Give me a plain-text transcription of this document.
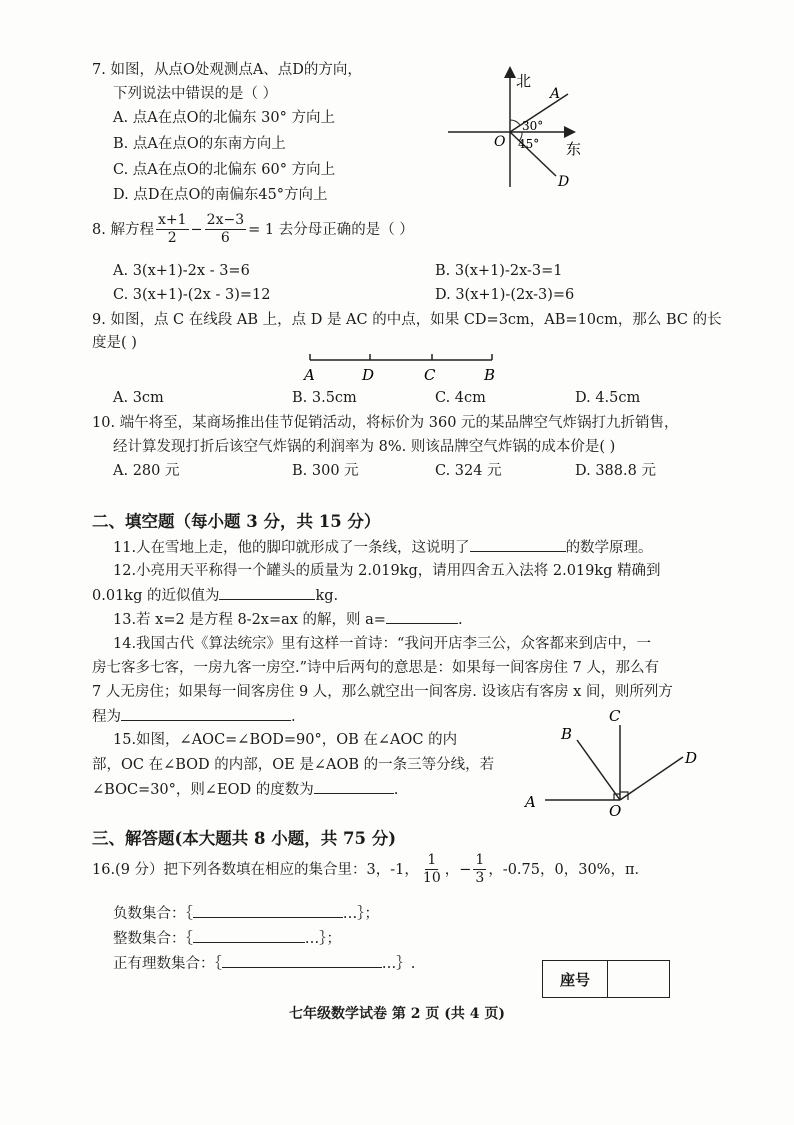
7. 如图，从点O处观测点A、点D的方向，
下列说法中错误的是（ ）
A. 点A在点O的北偏东 30° 方向上
B. 点A在点O的东南方向上
C. 点A在点O的北偏东 60° 方向上
D. 点D在点O的南偏东45°方向上
北
东
A
D
O
30°
45°
8. 解方程 $\frac{x+1}{2} - \frac{2x-3}{6} = 1$ 去分母正确的是（ ）
A. 3(x+1)-2x - 3=6	B. 3(x+1)-2x-3=1
C. 3(x+1)-(2x - 3)=12	D. 3(x+1)-(2x-3)=6
9. 如图，点 C 在线段 AB 上，点 D 是 AC 的中点，如果 CD=3cm，AB=10cm，那么 BC 的长
度是( )
A	D	C	B
A. 3cm	B. 3.5cm	C. 4cm	D. 4.5cm
10. 端午将至，某商场推出佳节促销活动，将标价为 360 元的某品牌空气炸锅打九折销售，
经计算发现打折后该空气炸锅的利润率为 8%. 则该品牌空气炸锅的成本价是( )
A. 280 元	B. 300 元	C. 324 元	D. 388.8 元
二、填空题（每小题 3 分，共 15 分）
11.人在雪地上走，他的脚印就形成了一条线，这说明了	的数学原理。
12.小亮用天平称得一个罐头的质量为 2.019kg，请用四舍五入法将 2.019kg 精确到
0.01kg 的近似值为	kg.
13.若 x=2 是方程 8-2x=ax 的解，则 a=	.
14.我国古代《算法统宗》里有这样一首诗：“我问开店李三公，众客都来到店中，一
房七客多七客，一房九客一房空.”诗中后两句的意思是：如果每一间客房住 7 人，那么有
7 人无房住；如果每一间客房住 9 人，那么就空出一间客房. 设该店有客房 x 间，则所列方
程为	.
15.如图，∠AOC=∠BOD=90°，OB 在∠AOC 的内
部，OC 在∠BOD 的内部，OE 是∠AOB 的一条三等分线，若
∠BOC=30°，则∠EOD 的度数为	.
A
B
C
D
O
三、解答题(本大题共 8 小题，共 75 分)
16.(9 分）把下列各数填在相应的集合里：3，-1， $\frac{1}{10}$ ，− $\frac{1}{3}$ ，-0.75，0，30%，π．
负数集合：｛	…｝；
整数集合：｛	…｝；
正有理数集合：｛	…｝.
座号
七年级数学试卷 第 2 页 (共 4 页)
